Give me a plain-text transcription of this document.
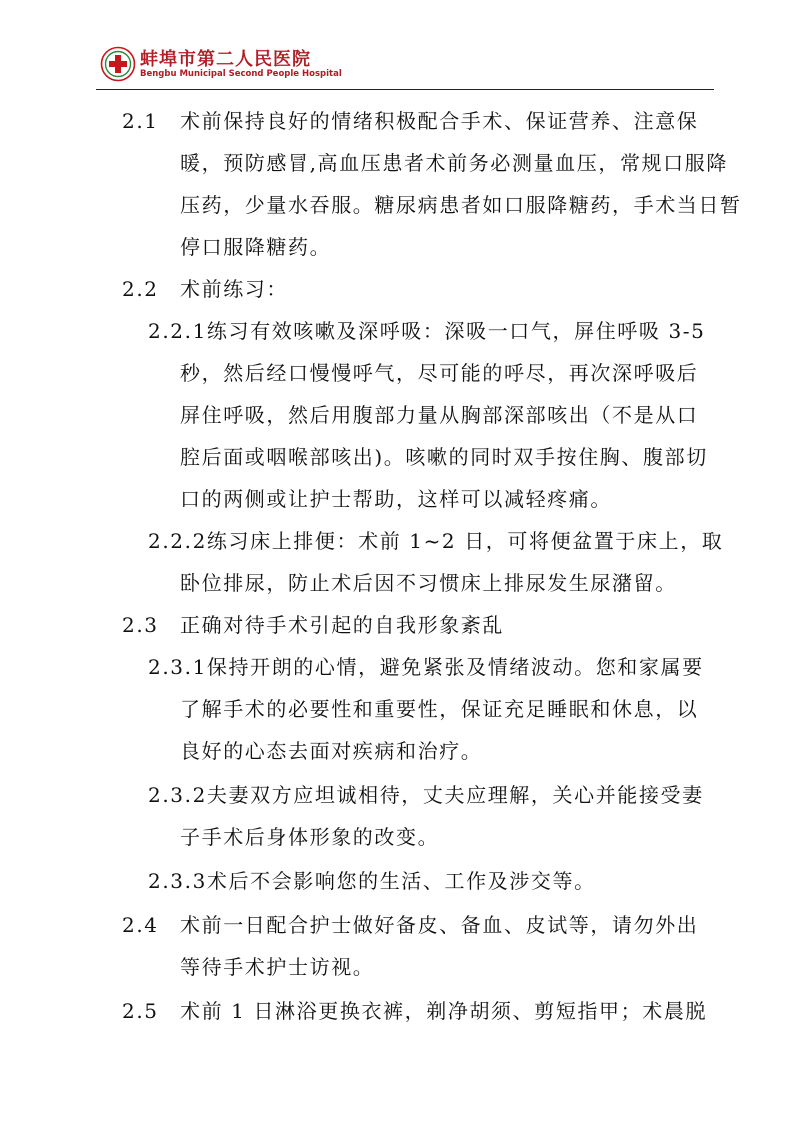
蚌埠市第二人民医院
Bengbu Municipal Second People Hospital
2.1 术前保持良好的情绪积极配合手术、保证营养、注意保
暖，预防感冒,高血压患者术前务必测量血压，常规口服降
压药，少量水吞服。糖尿病患者如口服降糖药，手术当日暂
停口服降糖药。
2.2 术前练习：
2.2.1练习有效咳嗽及深呼吸：深吸一口气，屏住呼吸 3-5
秒，然后经口慢慢呼气，尽可能的呼尽，再次深呼吸后
屏住呼吸，然后用腹部力量从胸部深部咳出（不是从口
腔后面或咽喉部咳出)。咳嗽的同时双手按住胸、腹部切
口的两侧或让护士帮助，这样可以减轻疼痛。
2.2.2练习床上排便：术前 1~2 日，可将便盆置于床上，取
卧位排尿，防止术后因不习惯床上排尿发生尿潴留。
2.3 正确对待手术引起的自我形象紊乱
2.3.1保持开朗的心情，避免紧张及情绪波动。您和家属要
了解手术的必要性和重要性，保证充足睡眠和休息，以
良好的心态去面对疾病和治疗。
2.3.2夫妻双方应坦诚相待，丈夫应理解，关心并能接受妻
子手术后身体形象的改变。
2.3.3术后不会影响您的生活、工作及涉交等。
2.4 术前一日配合护士做好备皮、备血、皮试等，请勿外出
等待手术护士访视。
2.5 术前 1 日淋浴更换衣裤，剃净胡须、剪短指甲；术晨脱
